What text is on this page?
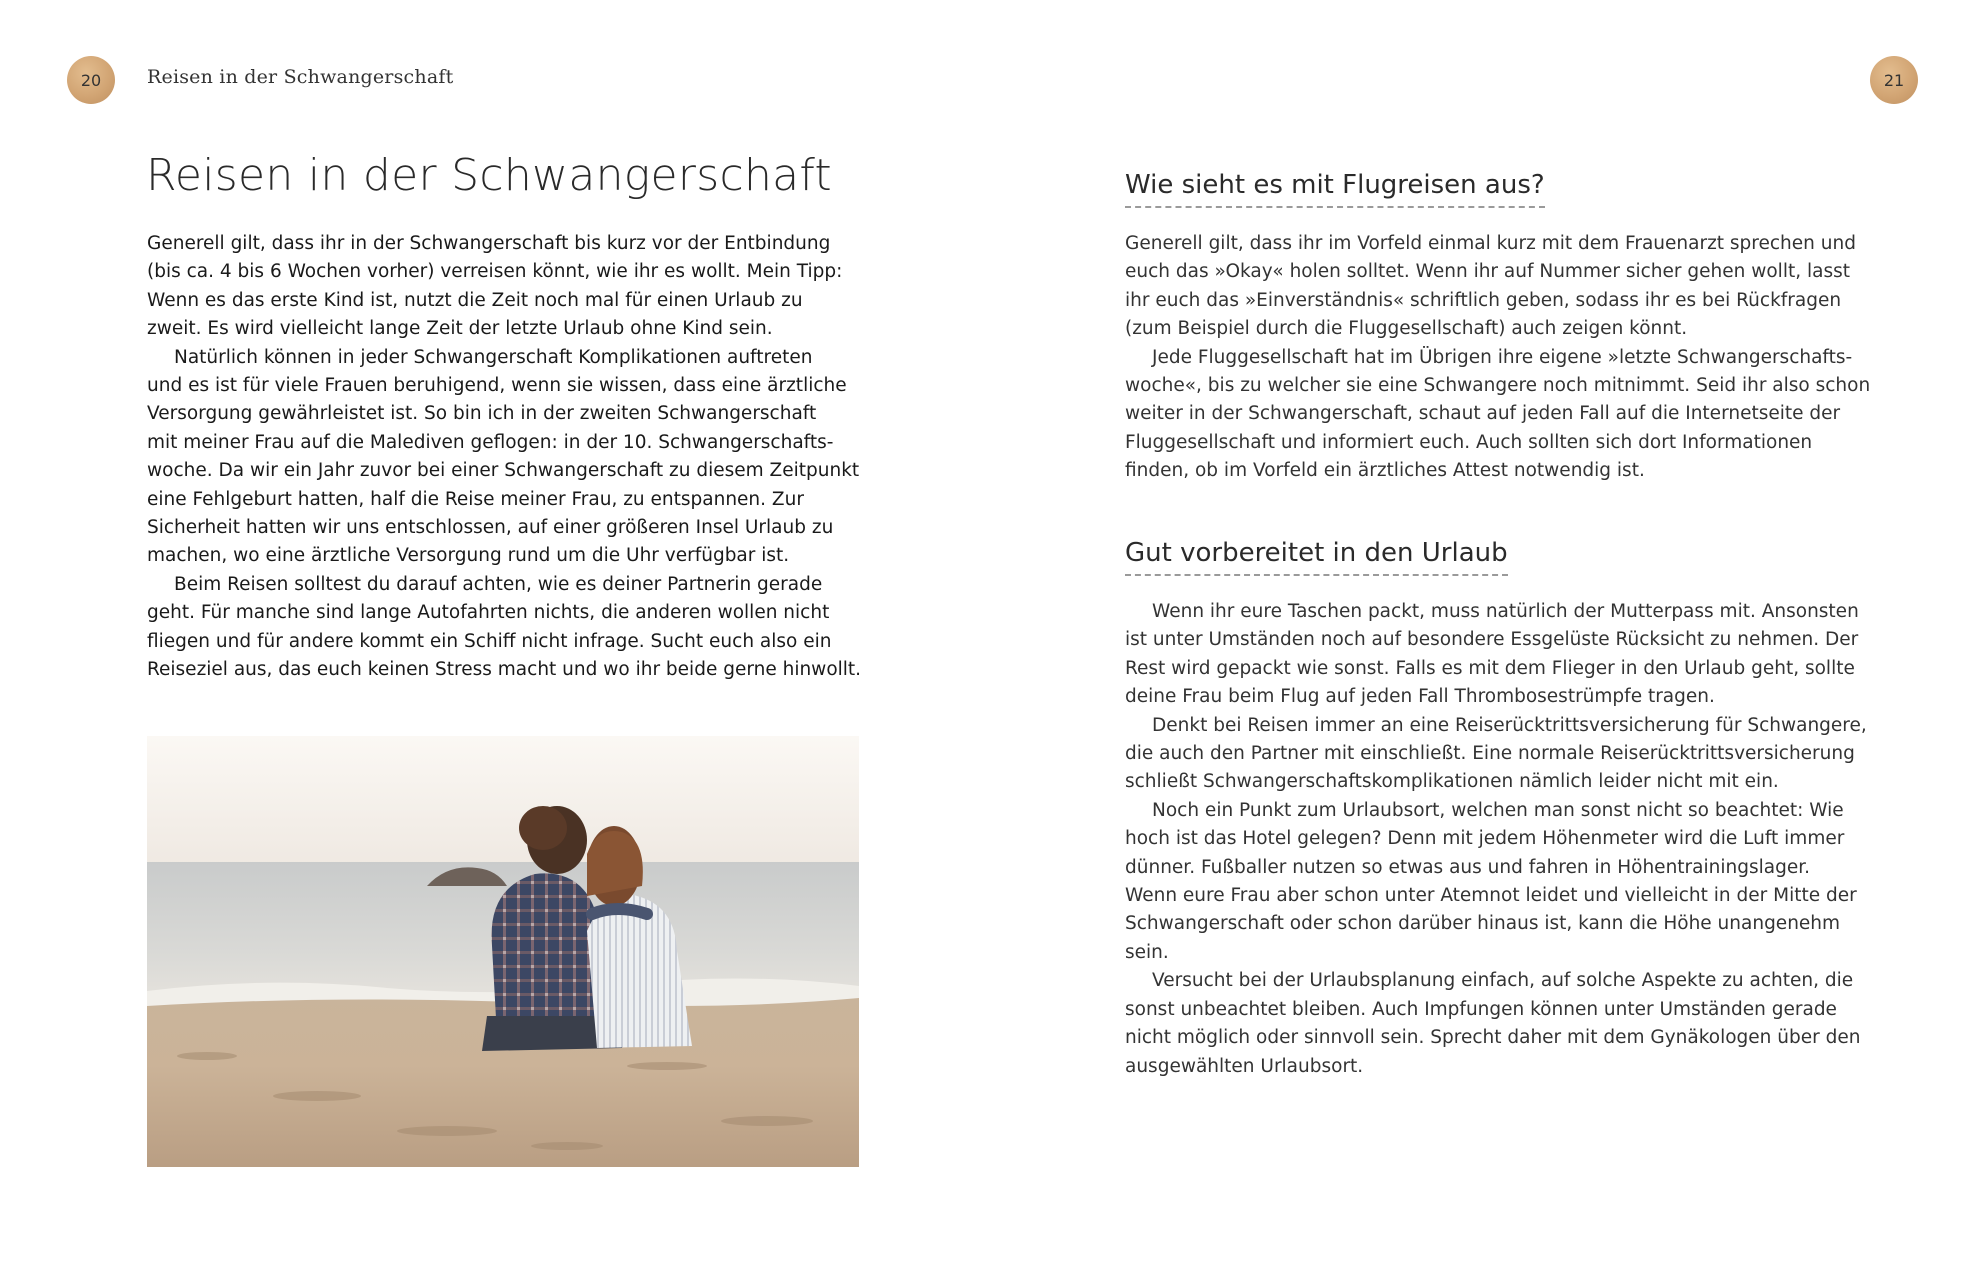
20 Reisen in der Schwangerschaft	21
Reisen in der Schwangerschaft

Generell gilt, dass ihr in der Schwangerschaft bis kurz vor der Entbindung
(bis ca. 4 bis 6 Wochen vorher) verreisen könnt, wie ihr es wollt. Mein Tipp:
Wenn es das erste Kind ist, nutzt die Zeit noch mal für einen Urlaub zu
zweit. Es wird vielleicht lange Zeit der letzte Urlaub ohne Kind sein.

Natürlich können in jeder Schwangerschaft Komplikationen auftreten
und es ist für viele Frauen beruhigend, wenn sie wissen, dass eine ärztliche
Versorgung gewährleistet ist. So bin ich in der zweiten Schwangerschaft
mit meiner Frau auf die Malediven geflogen: in der 10. Schwangerschafts-
woche. Da wir ein Jahr zuvor bei einer Schwangerschaft zu diesem Zeitpunkt
eine Fehlgeburt hatten, half die Reise meiner Frau, zu entspannen. Zur
Sicherheit hatten wir uns entschlossen, auf einer größeren Insel Urlaub zu
machen, wo eine ärztliche Versorgung rund um die Uhr verfügbar ist.

Beim Reisen solltest du darauf achten, wie es deiner Partnerin gerade
geht. Für manche sind lange Autofahrten nichts, die anderen wollen nicht
fliegen und für andere kommt ein Schiff nicht infrage. Sucht euch also ein
Reiseziel aus, das euch keinen Stress macht und wo ihr beide gerne hinwollt.

Wie sieht es mit Flugreisen aus?

Generell gilt, dass ihr im Vorfeld einmal kurz mit dem Frauenarzt sprechen und
euch das »Okay« holen solltet. Wenn ihr auf Nummer sicher gehen wollt, lasst
ihr euch das »Einverständnis« schriftlich geben, sodass ihr es bei Rückfragen
(zum Beispiel durch die Fluggesellschaft) auch zeigen könnt.

Jede Fluggesellschaft hat im Übrigen ihre eigene »letzte Schwangerschafts-
woche«, bis zu welcher sie eine Schwangere noch mitnimmt. Seid ihr also schon
weiter in der Schwangerschaft, schaut auf jeden Fall auf die Internetseite der
Fluggesellschaft und informiert euch. Auch sollten sich dort Informationen
finden, ob im Vorfeld ein ärztliches Attest notwendig ist.

Gut vorbereitet in den Urlaub

Wenn ihr eure Taschen packt, muss natürlich der Mutterpass mit. Ansonsten
ist unter Umständen noch auf besondere Essgelüste Rücksicht zu nehmen. Der
Rest wird gepackt wie sonst. Falls es mit dem Flieger in den Urlaub geht, sollte
deine Frau beim Flug auf jeden Fall Thrombosestrümpfe tragen.

Denkt bei Reisen immer an eine Reiserücktrittsversicherung für Schwangere,
die auch den Partner mit einschließt. Eine normale Reiserücktrittsversicherung
schließt Schwangerschaftskomplikationen nämlich leider nicht mit ein.

Noch ein Punkt zum Urlaubsort, welchen man sonst nicht so beachtet: Wie
hoch ist das Hotel gelegen? Denn mit jedem Höhenmeter wird die Luft immer
dünner. Fußballer nutzen so etwas aus und fahren in Höhentrainingslager.
Wenn eure Frau aber schon unter Atemnot leidet und vielleicht in der Mitte der
Schwangerschaft oder schon darüber hinaus ist, kann die Höhe unangenehm
sein.

Versucht bei der Urlaubsplanung einfach, auf solche Aspekte zu achten, die
sonst unbeachtet bleiben. Auch Impfungen können unter Umständen gerade
nicht möglich oder sinnvoll sein. Sprecht daher mit dem Gynäkologen über den
ausgewählten Urlaubsort.
